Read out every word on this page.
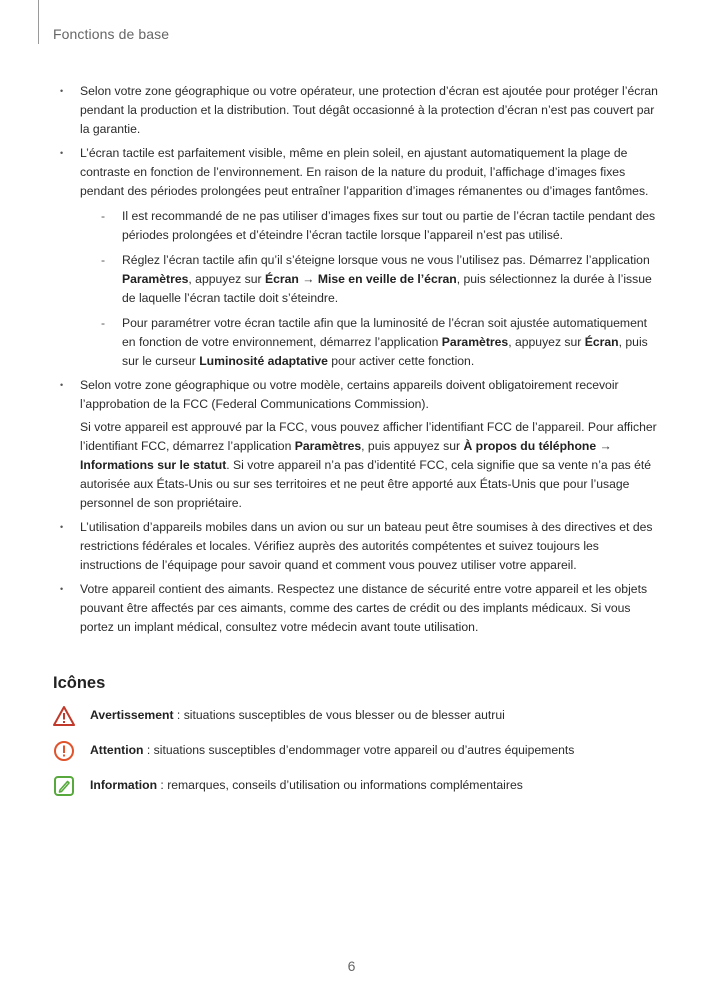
Fonctions de base
• Selon votre zone géographique ou votre opérateur, une protection d’écran est ajoutée pour protéger l’écran pendant la production et la distribution. Tout dégât occasionné à la protection d’écran n’est pas couvert par la garantie.
• L’écran tactile est parfaitement visible, même en plein soleil, en ajustant automatiquement la plage de contraste en fonction de l’environnement. En raison de la nature du produit, l’affichage d’images fixes pendant des périodes prolongées peut entraîner l’apparition d’images rémanentes ou d’images fantômes.
- Il est recommandé de ne pas utiliser d’images fixes sur tout ou partie de l’écran tactile pendant des périodes prolongées et d’éteindre l’écran tactile lorsque l’appareil n’est pas utilisé.
- Réglez l’écran tactile afin qu’il s’éteigne lorsque vous ne vous l’utilisez pas. Démarrez l’application Paramètres, appuyez sur Écran → Mise en veille de l’écran, puis sélectionnez la durée à l’issue de laquelle l’écran tactile doit s’éteindre.
- Pour paramétrer votre écran tactile afin que la luminosité de l’écran soit ajustée automatiquement en fonction de votre environnement, démarrez l’application Paramètres, appuyez sur Écran, puis sur le curseur Luminosité adaptative pour activer cette fonction.
• Selon votre zone géographique ou votre modèle, certains appareils doivent obligatoirement recevoir l’approbation de la FCC (Federal Communications Commission).
Si votre appareil est approuvé par la FCC, vous pouvez afficher l’identifiant FCC de l’appareil. Pour afficher l’identifiant FCC, démarrez l’application Paramètres, puis appuyez sur À propos du téléphone → Informations sur le statut. Si votre appareil n’a pas d’identité FCC, cela signifie que sa vente n’a pas été autorisée aux États-Unis ou sur ses territoires et ne peut être apporté aux États-Unis que pour l’usage personnel de son propriétaire.
• L’utilisation d’appareils mobiles dans un avion ou sur un bateau peut être soumises à des directives et des restrictions fédérales et locales. Vérifiez auprès des autorités compétentes et suivez toujours les instructions de l’équipage pour savoir quand et comment vous pouvez utiliser votre appareil.
• Votre appareil contient des aimants. Respectez une distance de sécurité entre votre appareil et les objets pouvant être affectés par ces aimants, comme des cartes de crédit ou des implants médicaux. Si vous portez un implant médical, consultez votre médecin avant toute utilisation.
Icônes
Avertissement : situations susceptibles de vous blesser ou de blesser autrui
Attention : situations susceptibles d’endommager votre appareil ou d’autres équipements
Information : remarques, conseils d’utilisation ou informations complémentaires
6
